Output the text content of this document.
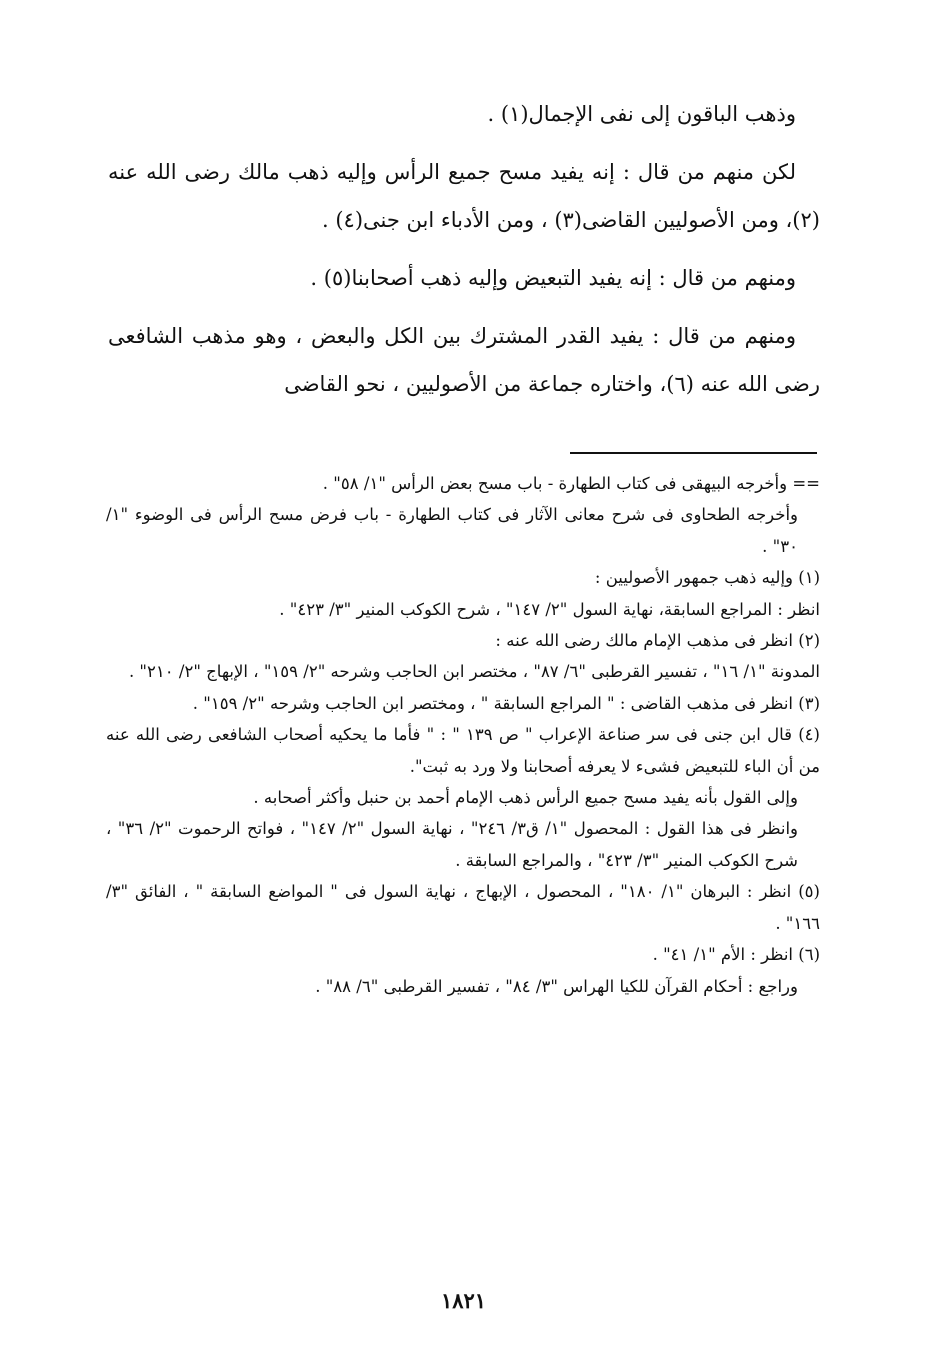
وذهب الباقون إلى نفى الإجمال(١) .

لكن منهم من قال : إنه يفيد مسح جميع الرأس وإليه ذهب مالك رضى الله عنه (٢)، ومن الأصوليين القاضى(٣) ، ومن الأدباء ابن جنى(٤) .

ومنهم من قال : إنه يفيد التبعيض وإليه ذهب أصحابنا(٥) .

ومنهم من قال : يفيد القدر المشترك بين الكل والبعض ، وهو مذهب الشافعى رضى الله عنه (٦)، واختاره جماعة من الأصوليين ، نحو القاضى

== وأخرجه البيهقى فى كتاب الطهارة - باب مسح بعض الرأس "١/ ٥٨" .

وأخرجه الطحاوى فى شرح معانى الآثار فى كتاب الطهارة - باب فرض مسح الرأس فى الوضوء "١/ ٣٠" .

(١) وإليه ذهب جمهور الأصوليين :

انظر : المراجع السابقة، نهاية السول "٢/ ١٤٧" ، شرح الكوكب المنير "٣/ ٤٢٣" .

(٢) انظر فى مذهب الإمام مالك رضى الله عنه :

المدونة "١/ ١٦" ، تفسير القرطبى "٦/ ٨٧" ، مختصر ابن الحاجب وشرحه "٢/ ١٥٩" ، الإبهاج "٢/ ٢١٠" .

(٣) انظر فى مذهب القاضى : " المراجع السابقة " ، ومختصر ابن الحاجب وشرحه "٢/ ١٥٩" .

(٤) قال ابن جنى فى سر صناعة الإعراب " ص ١٣٩ " : " فأما ما يحكيه أصحاب الشافعى رضى الله عنه من أن الباء للتبعيض فشىء لا يعرفه أصحابنا ولا ورد به ثبت".

وإلى القول بأنه يفيد مسح جميع الرأس ذهب الإمام أحمد بن حنبل وأكثر أصحابه .

وانظر فى هذا القول : المحصول "١/ ق٣/ ٢٤٦" ، نهاية السول "٢/ ١٤٧" ، فواتح الرحموت "٢/ ٣٦" ، شرح الكوكب المنير "٣/ ٤٢٣" ، والمراجع السابقة .

(٥) انظر : البرهان "١/ ١٨٠" ، المحصول ، الإبهاج ، نهاية السول فى " المواضع السابقة " ، الفائق "٣/ ١٦٦" .

(٦) انظر : الأم "١/ ٤١" .

وراجع : أحكام القرآن للكيا الهراس "٣/ ٨٤" ، تفسير القرطبى "٦/ ٨٨" .

١٨٢١
